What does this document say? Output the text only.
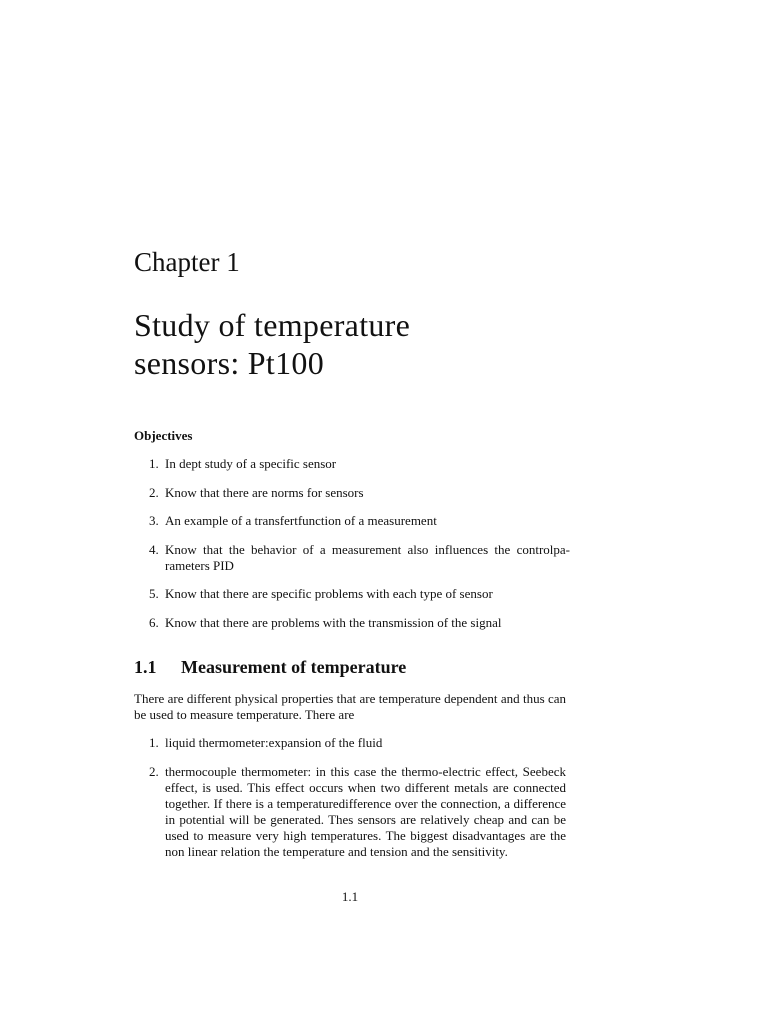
Chapter 1
Study of temperature
sensors: Pt100
Objectives
1. In dept study of a specific sensor
2. Know that there are norms for sensors
3. An example of a transfertfunction of a measurement
4. Know that the behavior of a measurement also influences the controlpa-rameters PID
5. Know that there are specific problems with each type of sensor
6. Know that there are problems with the transmission of the signal
1.1 Measurement of temperature

There are different physical properties that are temperature dependent and thus can be used to measure temperature. There are

1. liquid thermometer:expansion of the fluid
2. thermocouple thermometer: in this case the thermo-electric effect, Seebeck effect, is used. This effect occurs when two different metals are connected together. If there is a temperaturedifference over the connection, a difference in potential will be generated. Thes sensors are relatively cheap and can be used to measure very high temperatures. The biggest disadvantages are the non linear relation the temperature and tension and the sensitivity.

1.1
